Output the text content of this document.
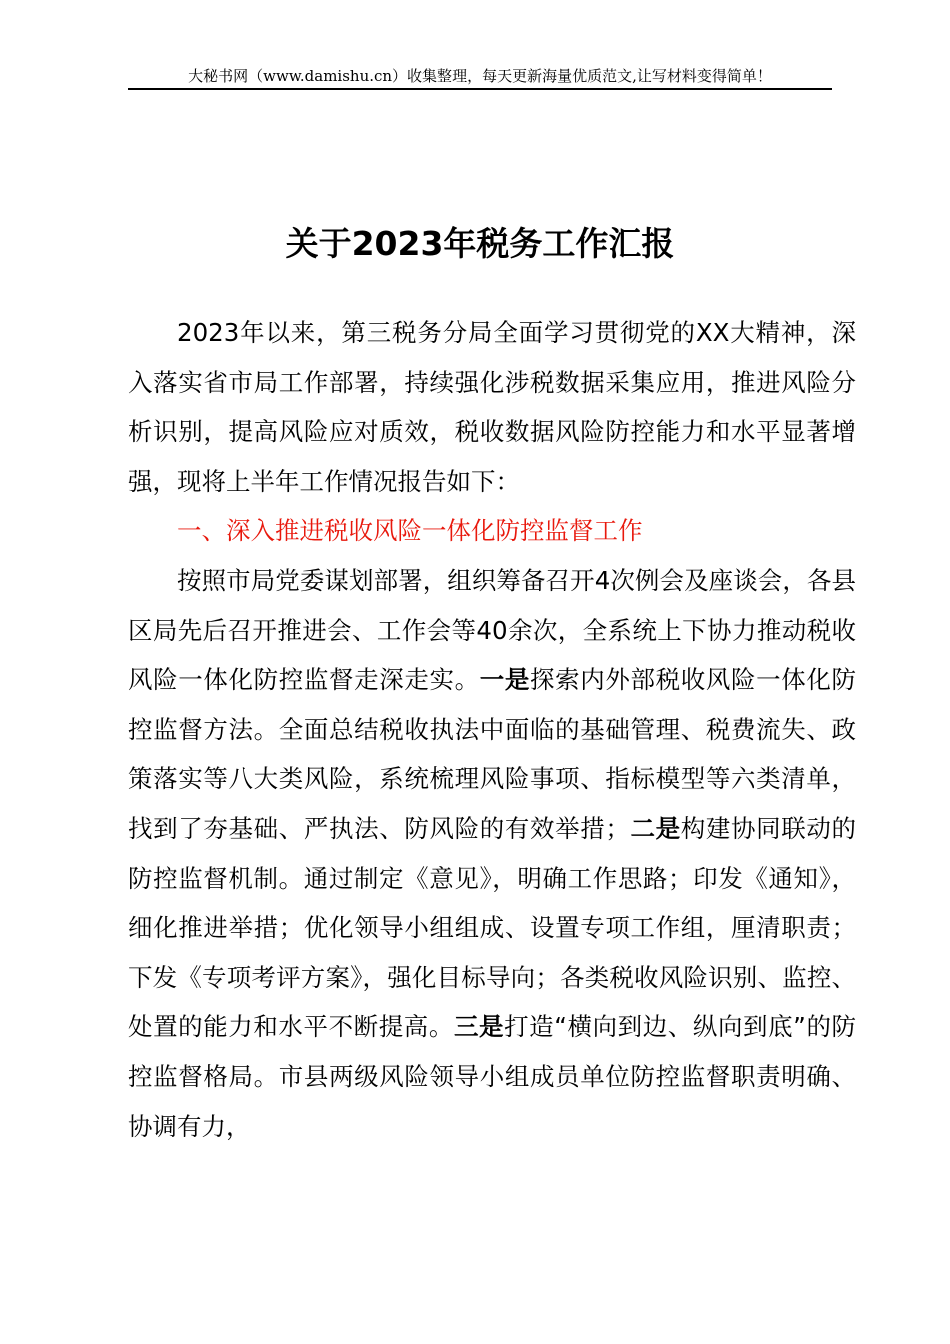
大秘书网（www.damishu.cn）收集整理，每天更新海量优质范文,让写材料变得简单！
关于2023年税务工作汇报

2023年以来，第三税务分局全面学习贯彻党的XX大精神，深入落实省市局工作部署，持续强化涉税数据采集应用，推进风险分析识别，提高风险应对质效，税收数据风险防控能力和水平显著增强，现将上半年工作情况报告如下：

一、深入推进税收风险一体化防控监督工作

按照市局党委谋划部署，组织筹备召开4次例会及座谈会，各县区局先后召开推进会、工作会等40余次，全系统上下协力推动税收风险一体化防控监督走深走实。一是探索内外部税收风险一体化防控监督方法。全面总结税收执法中面临的基础管理、税费流失、政策落实等八大类风险，系统梳理风险事项、指标模型等六类清单，找到了夯基础、严执法、防风险的有效举措；二是构建协同联动的防控监督机制。通过制定《意见》，明确工作思路；印发《通知》，细化推进举措；优化领导小组组成、设置专项工作组，厘清职责；下发《专项考评方案》，强化目标导向；各类税收风险识别、监控、处置的能力和水平不断提高。三是打造“横向到边、纵向到底”的防控监督格局。市县两级风险领导小组成员单位防控监督职责明确、协调有力，
